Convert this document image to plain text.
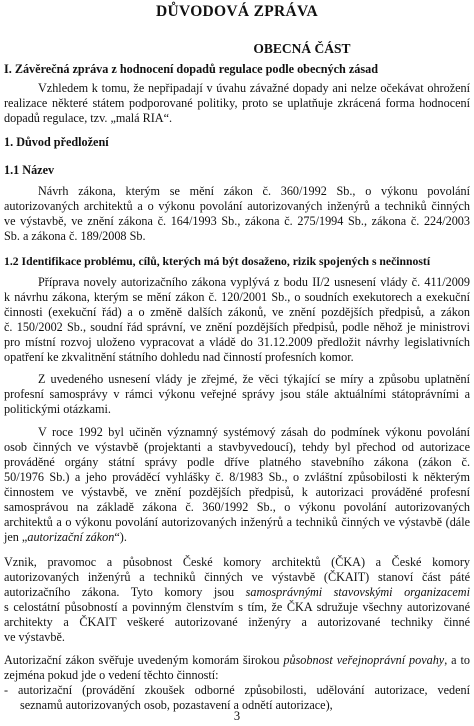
DŮVODOVÁ ZPRÁVA
OBECNÁ ČÁST
I. Závěrečná zpráva z hodnocení dopadů regulace podle obecných zásad
Vzhledem k tomu, že nepřipadají v úvahu závažné dopady ani nelze očekávat ohrožení
realizace některé státem podporované politiky, proto se uplatňuje zkrácená forma hodnocení
dopadů regulace, tzv. „malá RIA“.
1. Důvod předložení
1.1 Název
Návrh zákona, kterým se mění zákon č. 360/1992 Sb., o výkonu povolání
autorizovaných architektů a o výkonu povolání autorizovaných inženýrů a techniků činných
ve výstavbě, ve znění zákona č. 164/1993 Sb., zákona č. 275/1994 Sb., zákona č. 224/2003
Sb. a zákona č. 189/2008 Sb.
1.2 Identifikace problému, cílů, kterých má být dosaženo, rizik spojených s nečinností
Příprava novely autorizačního zákona vyplývá z bodu II/2 usnesení vlády č. 411/2009
k návrhu zákona, kterým se mění zákon č. 120/2001 Sb., o soudních exekutorech a exekuční
činnosti (exekuční řád) a o změně dalších zákonů, ve znění pozdějších předpisů, a zákon
č. 150/2002 Sb., soudní řád správní, ve znění pozdějších předpisů, podle něhož je ministrovi
pro místní rozvoj uloženo vypracovat a vládě do 31.12.2009 předložit návrhy legislativních
opatření ke zkvalitnění státního dohledu nad činností profesních komor.
Z uvedeného usnesení vlády je zřejmé, že věci týkající se míry a způsobu uplatnění
profesní samosprávy v rámci výkonu veřejné správy jsou stále aktuálními státoprávními a
politickými otázkami.
V roce 1992 byl učiněn významný systémový zásah do podmínek výkonu povolání
osob činných ve výstavbě (projektanti a stavbyvedoucí), tehdy byl přechod od autorizace
prováděné orgány státní správy podle dříve platného stavebního zákona (zákon č.
50/1976 Sb.) a jeho prováděcí vyhlášky č. 8/1983 Sb., o zvláštní způsobilosti k některým
činnostem ve výstavbě, ve znění pozdějších předpisů, k autorizaci prováděné profesní
samosprávou na základě zákona č. 360/1992 Sb., o výkonu povolání autorizovaných
architektů a o výkonu povolání autorizovaných inženýrů a techniků činných ve výstavbě (dále
jen „autorizační zákon“).
Vznik, pravomoc a působnost České komory architektů (ČKA) a České komory
autorizovaných inženýrů a techniků činných ve výstavbě (ČKAIT) stanoví část páté
autorizačního zákona. Tyto komory jsou samosprávnými stavovskými organizacemi
s celostátní působností a povinným členstvím s tím, že ČKA sdružuje všechny autorizované
architekty a ČKAIT veškeré autorizované inženýry a autorizované techniky činné
ve výstavbě.
Autorizační zákon svěřuje uvedeným komorám širokou působnost veřejnoprávní povahy, a to
zejména pokud jde o vedení těchto činností:
- autorizační (provádění zkoušek odborné způsobilosti, udělování autorizace, vedení
seznamů autorizovaných osob, pozastavení a odnětí autorizace),
3
